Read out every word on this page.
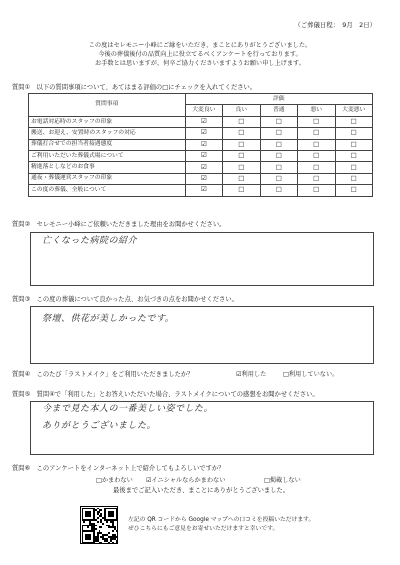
（ご葬儀日程：　9月　2日）
この度はセレモニー小峰にご縁をいただき、まことにありがとうございました。
今後の葬儀後付の品質向上に役立てるべくアンケートを行っております。
お手数とは思いますが、何卒ご協力くださいますようお願い申し上げます。
質問①　以下の質問事項について、あてはまる評価の□にチェックを入れてください。
質問事項	評価				
	大変良い	良い	普通	悪い	大変悪い
お電話対応時のスタッフの印象	☑	□	□	□	□
搬送、お迎え、安置時のスタッフの対応	☑	□	□	□	□
葬儀打合せでの担当者接遇態度	☑	□	□	□	□
ご利用いただいた葬儀式場について	☑	□	□	□	□
精進落としなどのお食事	☑	□	□	□	□
通夜・葬儀運営スタッフの印象	☑	□	□	□	□
この度の葬儀、全般について	☑	□	□	□	□
質問②　セレモニー小峰にご依頼いただきました理由をお聞かせください。
亡くなった病院の紹介
質問③　この度の葬儀について良かった点、お気づきの点をお聞かせください。
祭壇、供花が美しかったです。
質問④　このたび「ラストメイク」をご利用いただきましたか？	☑利用した	□利用していない。
質問⑤　質問④で「利用した」とお答えいただいた場合、ラストメイクについての感想をお聞かせください。
今まで見た本人の一番美しい姿でした。
ありがとうございました。
質問⑥　このアンケートをインターネット上で紹介してもよろしいですか？
□かまわない ☑イニシャルならかまわない	□掲載しない
最後までご記入いただき、まことにありがとうございました。
左記の QR コードから Google マップへの口コミを投稿いただけます。
ぜひこちらにもご意見をお寄せいただけますと幸いです。
